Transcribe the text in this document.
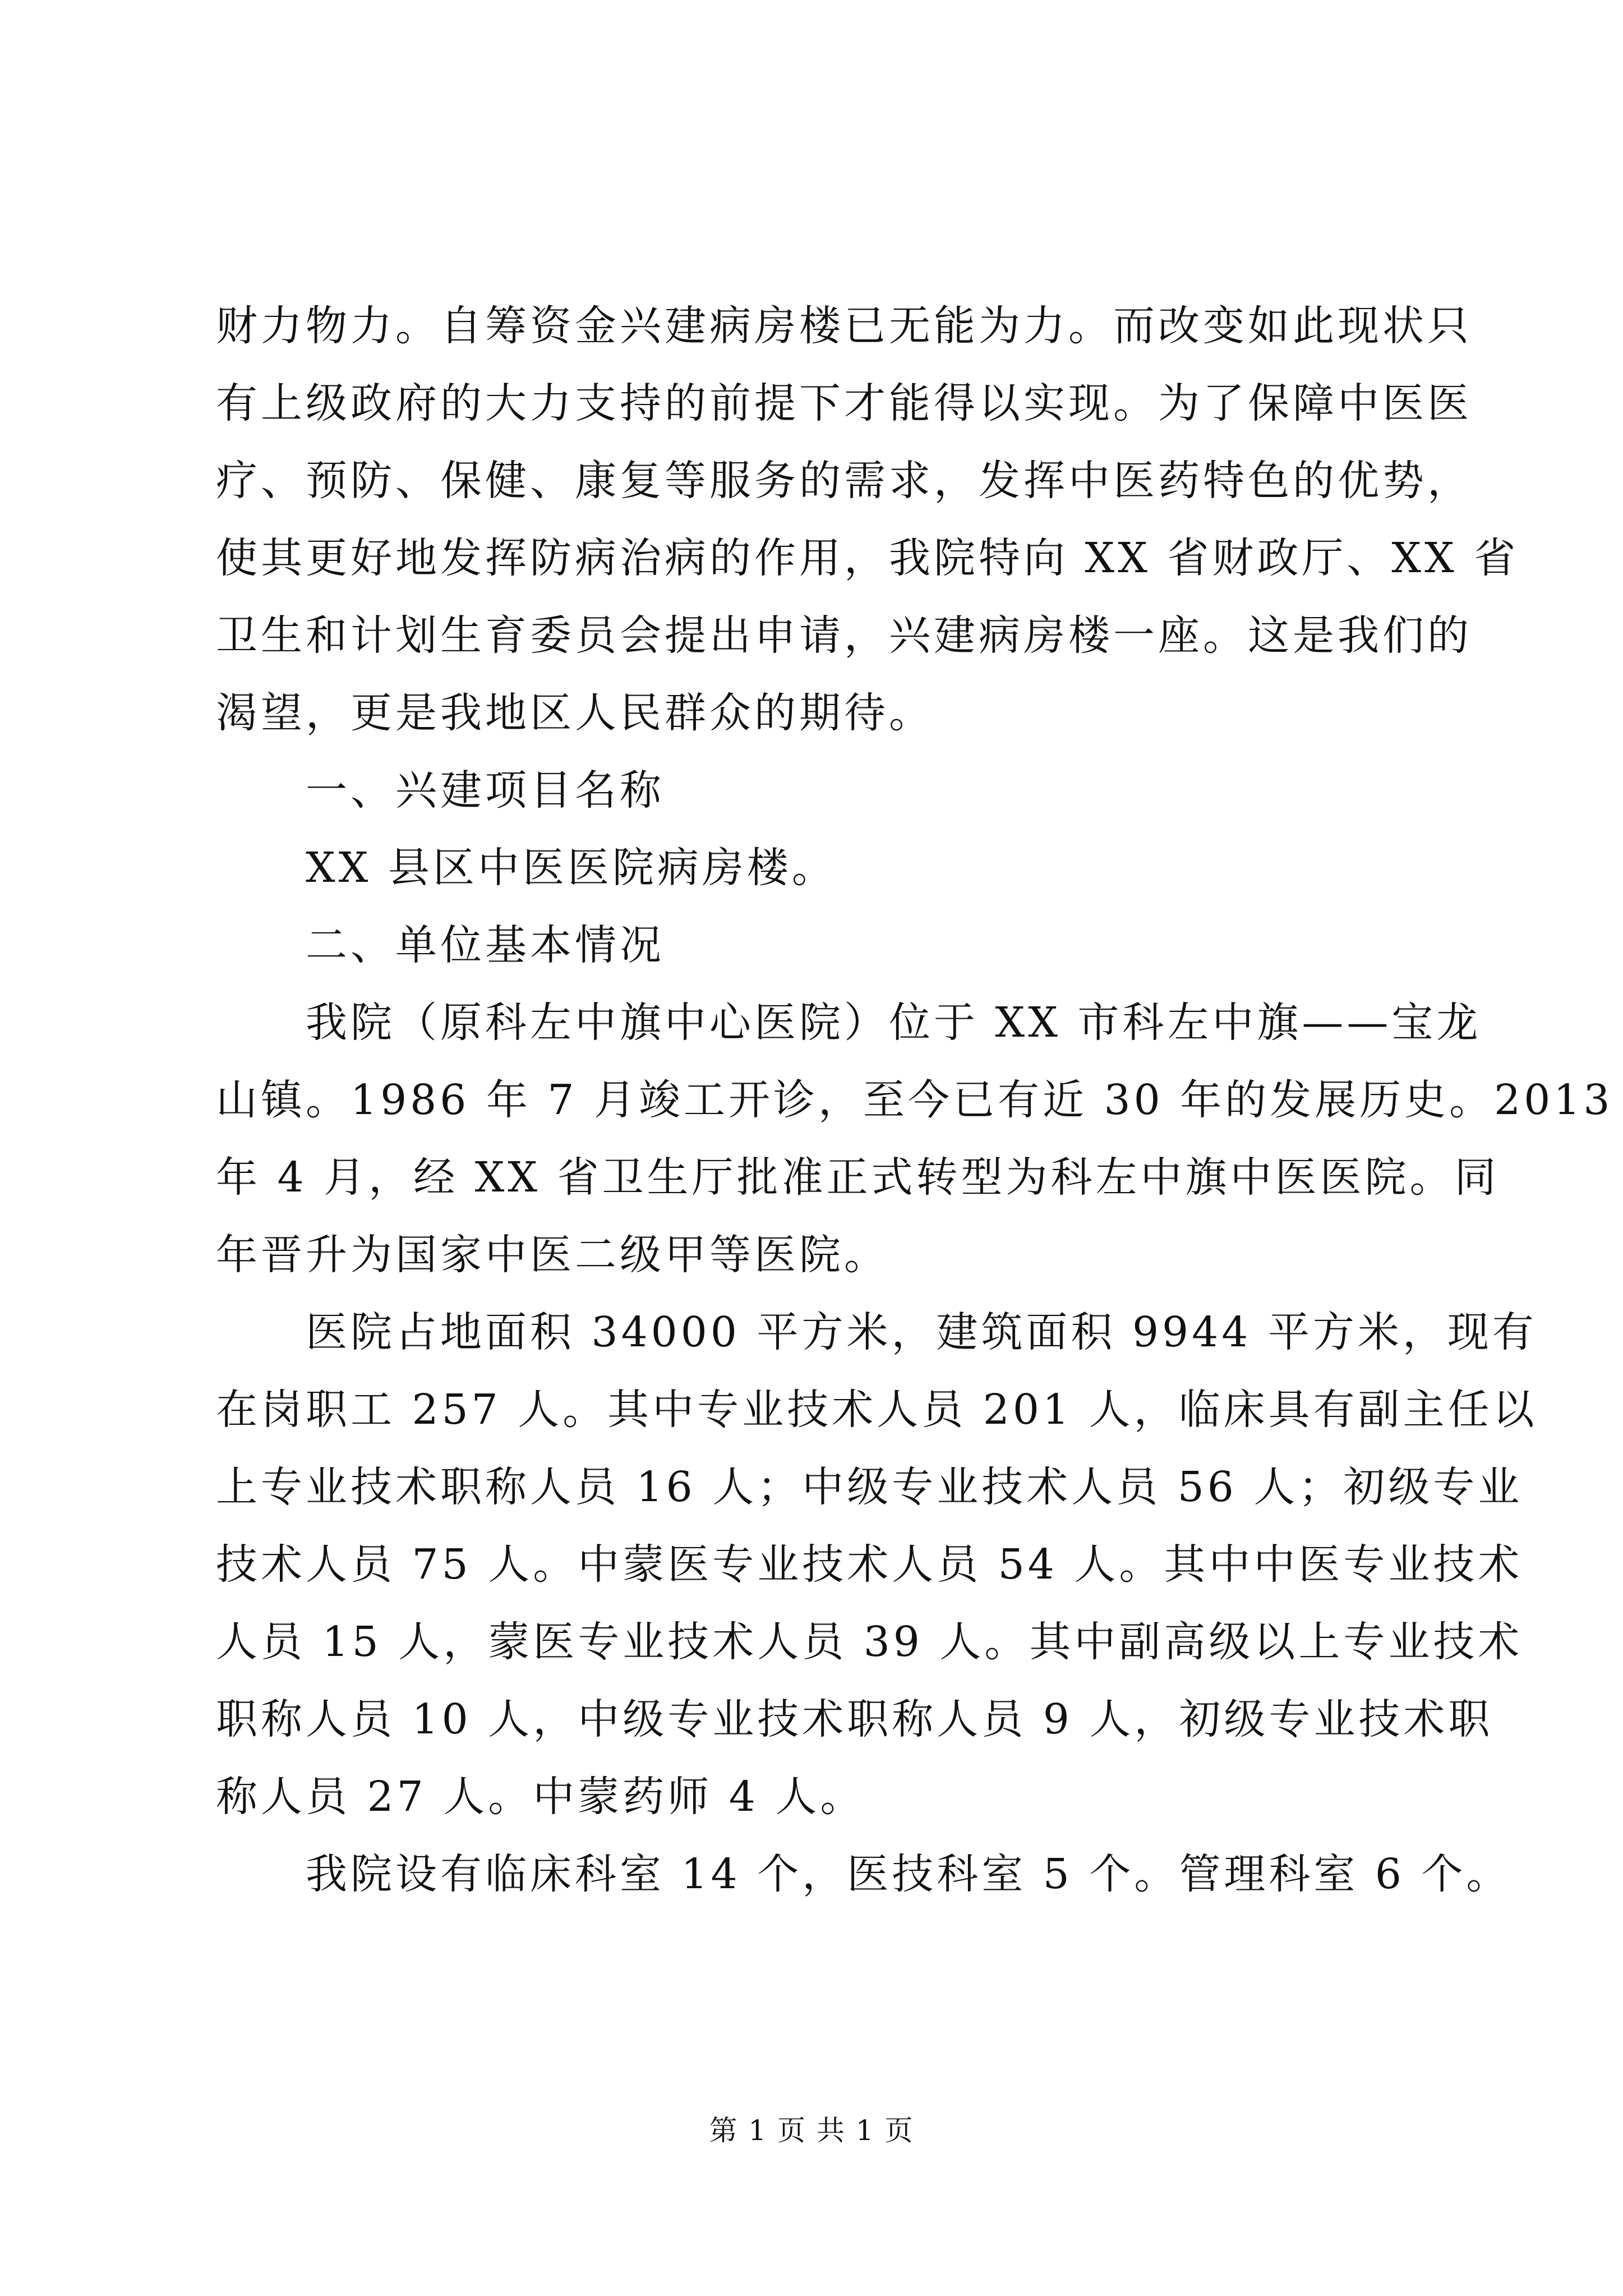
财力物力。自筹资金兴建病房楼已无能为力。而改变如此现状只

有上级政府的大力支持的前提下才能得以实现。为了保障中医医

疗、预防、保健、康复等服务的需求，发挥中医药特色的优势，

使其更好地发挥防病治病的作用，我院特向 XX 省财政厅、XX 省

卫生和计划生育委员会提出申请，兴建病房楼一座。这是我们的

渴望，更是我地区人民群众的期待。

一、兴建项目名称

XX 县区中医医院病房楼。

二、单位基本情况

我院（原科左中旗中心医院）位于 XX 市科左中旗——宝龙

山镇。1986 年 7 月竣工开诊，至今已有近 30 年的发展历史。2013

年 4 月，经 XX 省卫生厅批准正式转型为科左中旗中医医院。同

年晋升为国家中医二级甲等医院。

医院占地面积 34000 平方米，建筑面积 9944 平方米，现有

在岗职工 257 人。其中专业技术人员 201 人，临床具有副主任以

上专业技术职称人员 16 人；中级专业技术人员 56 人；初级专业

技术人员 75 人。中蒙医专业技术人员 54 人。其中中医专业技术

人员 15 人，蒙医专业技术人员 39 人。其中副高级以上专业技术

职称人员 10 人，中级专业技术职称人员 9 人，初级专业技术职

称人员 27 人。中蒙药师 4 人。

我院设有临床科室 14 个，医技科室 5 个。管理科室 6 个。

第 1 页 共 1 页
